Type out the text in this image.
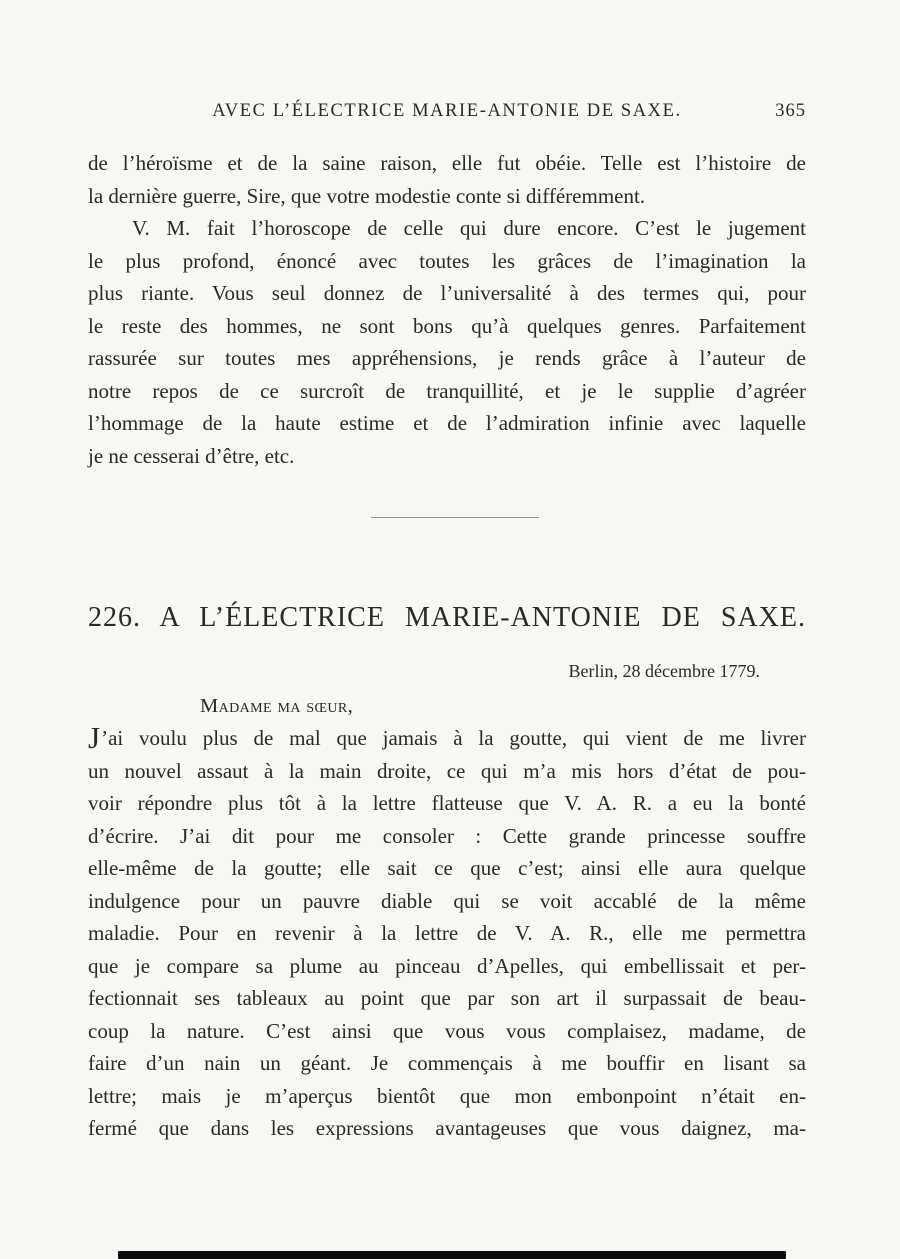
AVEC L’ÉLECTRICE MARIE-ANTONIE DE SAXE.	365
de l’héroïsme et de la saine raison, elle fut obéie. Telle est l’histoire de
la dernière guerre, Sire, que votre modestie conte si différemment.
V. M. fait l’horoscope de celle qui dure encore. C’est le jugement
le plus profond, énoncé avec toutes les grâces de l’imagination la
plus riante. Vous seul donnez de l’universalité à des termes qui, pour
le reste des hommes, ne sont bons qu’à quelques genres. Parfaitement
rassurée sur toutes mes appréhensions, je rends grâce à l’auteur de
notre repos de ce surcroît de tranquillité, et je le supplie d’agréer
l’hommage de la haute estime et de l’admiration infinie avec laquelle
je ne cesserai d’être, etc.
226. A L’ÉLECTRICE MARIE-ANTONIE DE SAXE.
Berlin, 28 décembre 1779.
Madame ma sœur,
J’ai voulu plus de mal que jamais à la goutte, qui vient de me livrer
un nouvel assaut à la main droite, ce qui m’a mis hors d’état de pou-
voir répondre plus tôt à la lettre flatteuse que V. A. R. a eu la bonté
d’écrire. J’ai dit pour me consoler : Cette grande princesse souffre
elle-même de la goutte; elle sait ce que c’est; ainsi elle aura quelque
indulgence pour un pauvre diable qui se voit accablé de la même
maladie. Pour en revenir à la lettre de V. A. R., elle me permettra
que je compare sa plume au pinceau d’Apelles, qui embellissait et per-
fectionnait ses tableaux au point que par son art il surpassait de beau-
coup la nature. C’est ainsi que vous vous complaisez, madame, de
faire d’un nain un géant. Je commençais à me bouffir en lisant sa
lettre; mais je m’aperçus bientôt que mon embonpoint n’était en-
fermé que dans les expressions avantageuses que vous daignez, ma-
